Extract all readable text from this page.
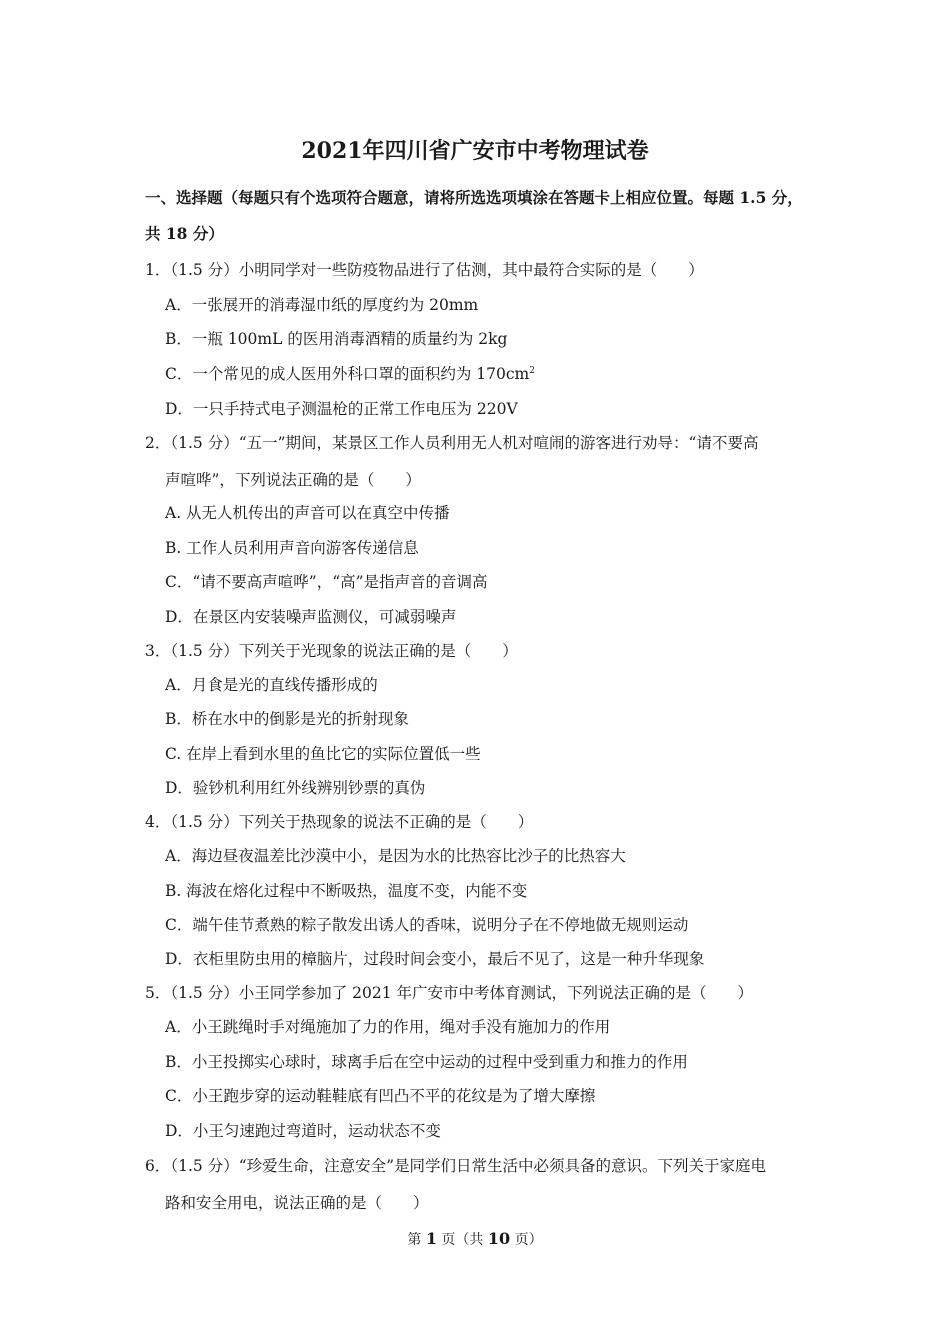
2021年四川省广安市中考物理试卷
一、选择题（每题只有个选项符合题意，请将所选选项填涂在答题卡上相应位置。每题 1.5 分，
共 18 分）
1．（1.5 分）小明同学对一些防疫物品进行了估测，其中最符合实际的是（　　）
A．一张展开的消毒湿巾纸的厚度约为 20mm
B．一瓶 100mL 的医用消毒酒精的质量约为 2kg
C．一个常见的成人医用外科口罩的面积约为 $170cm^2$
D．一只手持式电子测温枪的正常工作电压为 220V
2．（1.5 分）“五一”期间，某景区工作人员利用无人机对喧闹的游客进行劝导：“请不要高
声喧哗”，下列说法正确的是（　　）
A. 从无人机传出的声音可以在真空中传播
B. 工作人员利用声音向游客传递信息
C．“请不要高声喧哗”，“高”是指声音的音调高
D．在景区内安装噪声监测仪，可减弱噪声
3．（1.5 分）下列关于光现象的说法正确的是（　　）
A．月食是光的直线传播形成的
B．桥在水中的倒影是光的折射现象
C. 在岸上看到水里的鱼比它的实际位置低一些
D．验钞机利用红外线辨别钞票的真伪
4．（1.5 分）下列关于热现象的说法不正确的是（　　）
A．海边昼夜温差比沙漠中小，是因为水的比热容比沙子的比热容大
B. 海波在熔化过程中不断吸热，温度不变，内能不变
C．端午佳节煮熟的粽子散发出诱人的香味，说明分子在不停地做无规则运动
D．衣柜里防虫用的樟脑片，过段时间会变小，最后不见了，这是一种升华现象
5．（1.5 分）小王同学参加了 2021 年广安市中考体育测试，下列说法正确的是（　　）
A．小王跳绳时手对绳施加了力的作用，绳对手没有施加力的作用
B．小王投掷实心球时，球离手后在空中运动的过程中受到重力和推力的作用
C．小王跑步穿的运动鞋鞋底有凹凸不平的花纹是为了增大摩擦
D．小王匀速跑过弯道时，运动状态不变
6．（1.5 分）“珍爱生命，注意安全”是同学们日常生活中必须具备的意识。下列关于家庭电
路和安全用电，说法正确的是（　　）
第 1 页（共 10 页）
